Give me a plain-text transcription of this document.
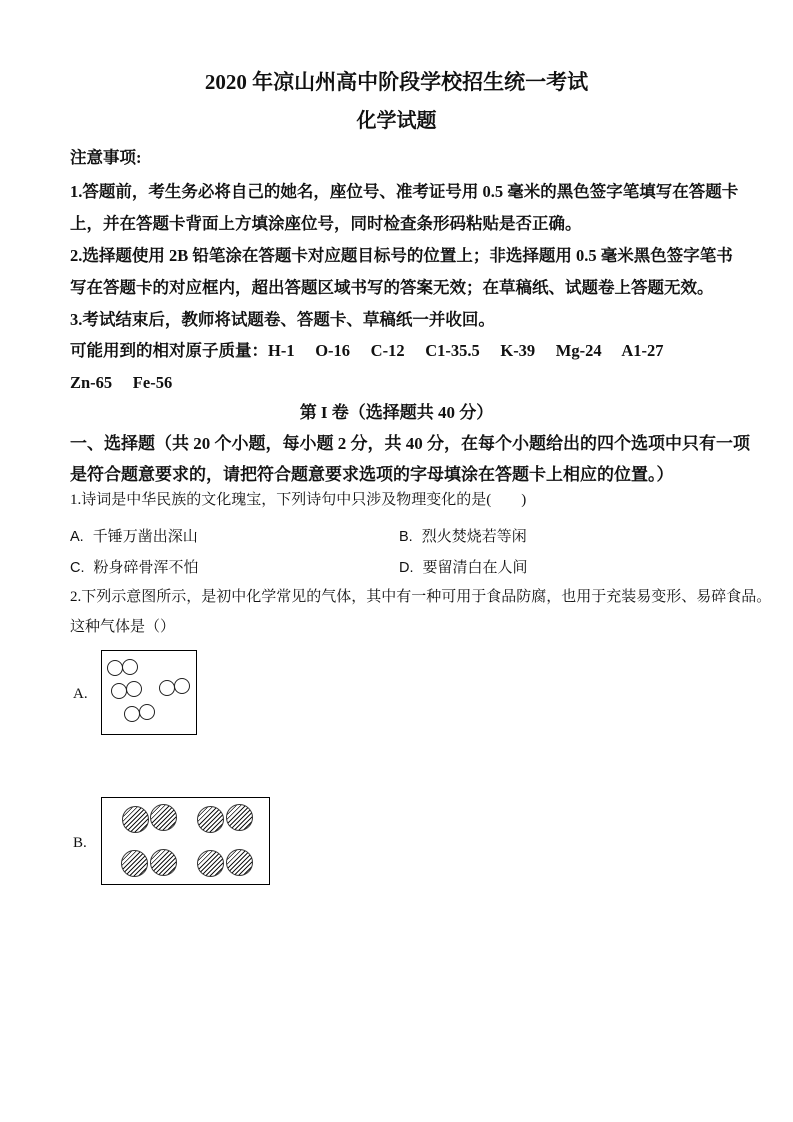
2020 年凉山州高中阶段学校招生统一考试
化学试题
注意事项:
1.答题前，考生务必将自己的她名，座位号、准考证号用 0.5 毫米的黑色签字笔填写在答题卡
上，并在答题卡背面上方填涂座位号，同时检查条形码粘贴是否正确。
2.选择题使用 2B 铅笔涂在答题卡对应题目标号的位置上；非选择题用 0.5 毫米黑色签字笔书
写在答题卡的对应框内，超出答题区域书写的答案无效；在草稿纸、试题卷上答题无效。
3.考试结束后，教师将试题卷、答题卡、草稿纸一并收回。
可能用到的相对原子质量：H-1     O-16     C-12     C1-35.5     K-39     Mg-24     A1-27
Zn-65     Fe-56
第 I 卷（选择题共 40 分）
一、选择题（共 20 个小题，每小题 2 分，共 40 分，在每个小题给出的四个选项中只有一项
是符合题意要求的，请把符合题意要求选项的字母填涂在答题卡上相应的位置。）
1.诗词是中华民族的文化瑰宝，下列诗句中只涉及物理变化的是(　　)
A. 千锤万凿出深山	B. 烈火焚烧若等闲
C. 粉身碎骨浑不怕	D. 要留清白在人间
2.下列示意图所示，是初中化学常见的气体，其中有一种可用于食品防腐，也用于充装易变形、易碎食品。
这种气体是（）
A.
B.
